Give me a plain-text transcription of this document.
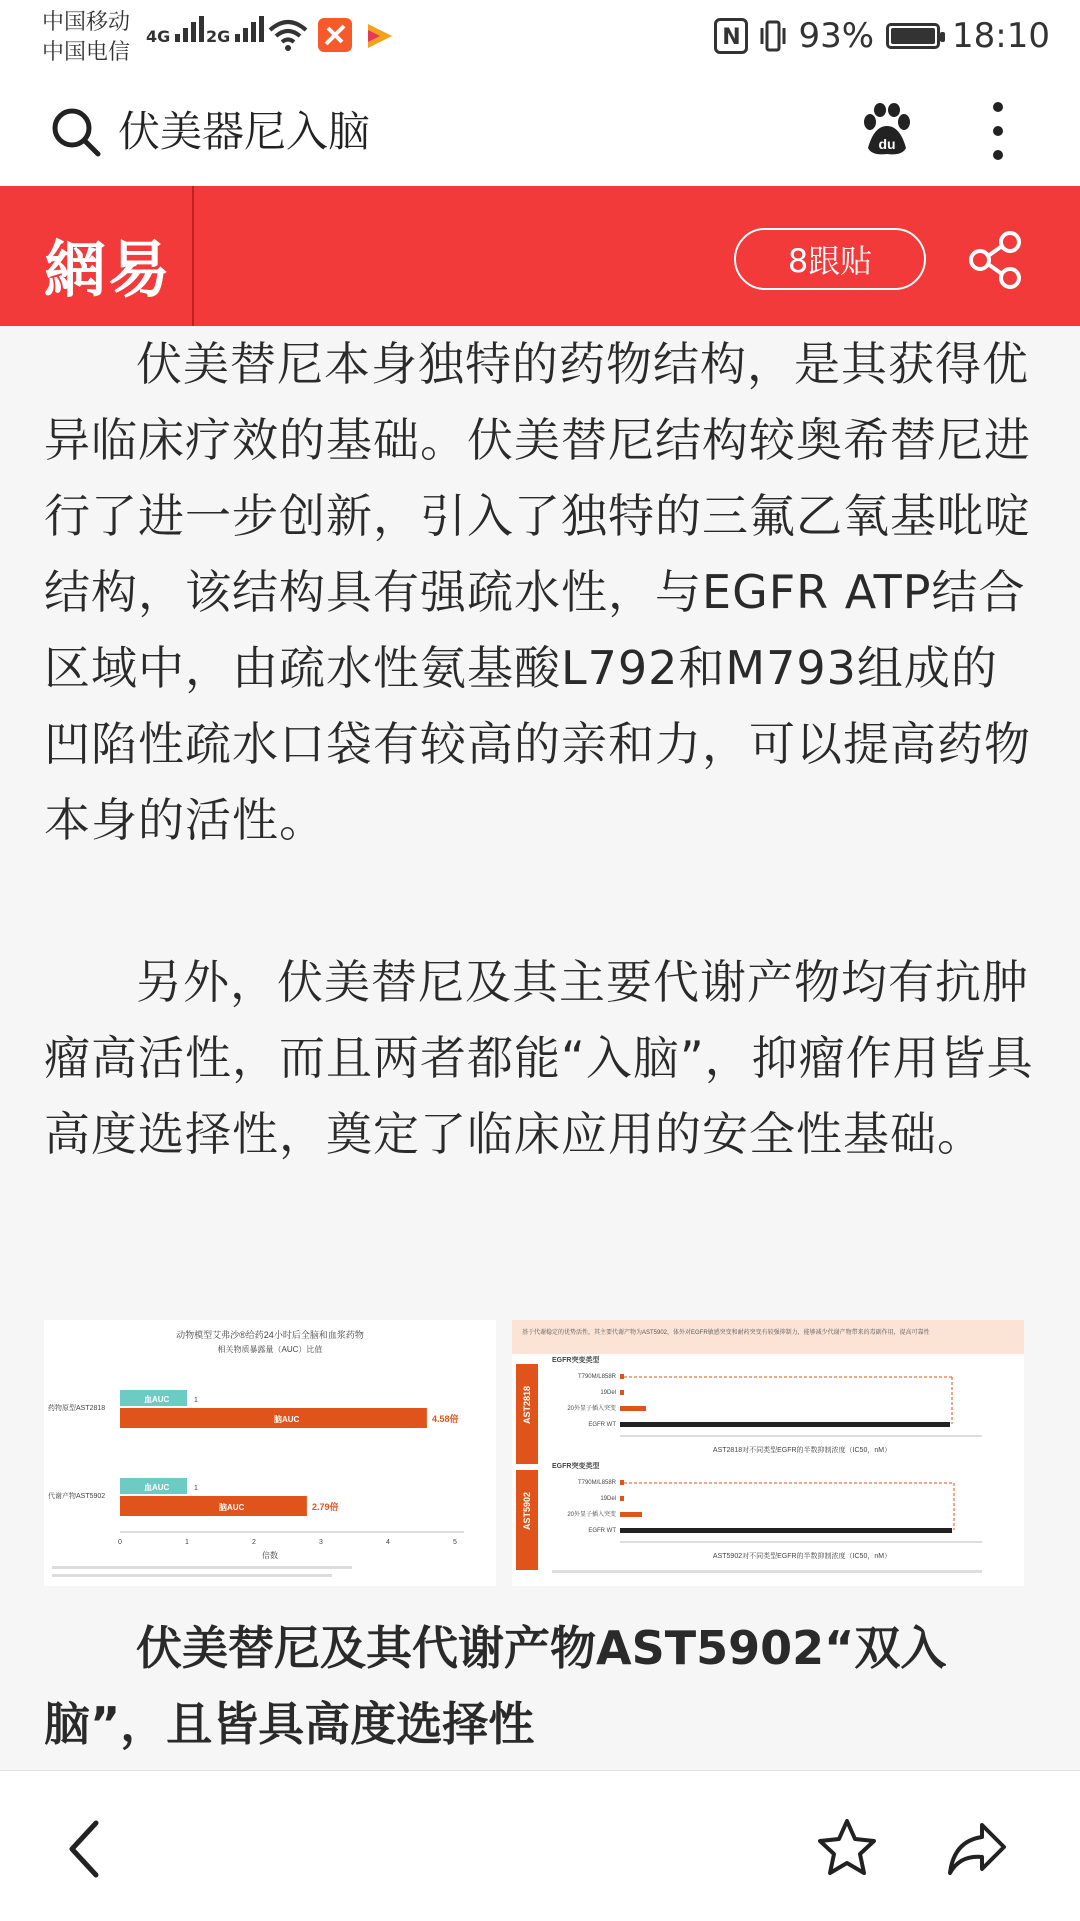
中国移动
中国电信
4G	2G	N 93% 18:10
伏美器尼入脑	du
網易	8跟贴

伏美替尼本身独特的药物结构，是其获得优异临床疗效的基础。伏美替尼结构较奥希替尼进行了进一步创新，引入了独特的三氟乙氧基吡啶结构，该结构具有强疏水性，与EGFR ATP结合区域中，由疏水性氨基酸L792和M793组成的凹陷性疏水口袋有较高的亲和力，可以提高药物本身的活性。

另外，伏美替尼及其主要代谢产物均有抗肿瘤高活性，而且两者都能“入脑”，抑瘤作用皆具高度选择性，奠定了临床应用的安全性基础。

动物模型艾弗沙®给药24小时后全脑和血浆药物
相关物质暴露量（AUC）比值
药物原型AST2818
代谢产物AST5902
血AUC	1
脑AUC	4.58倍
血AUC	1
脑AUC	2.79倍
0	1	2	3	4	5
倍数
基于代谢稳定的优势活性，其主要代谢产物为AST5902，体外对EGFR敏感突变和耐药突变有较强抑制力，能够减少代谢产物带来的毒副作用，提高可靠性
AST2818
EGFR突变类型
T790M/L858R
19Del
20外显子插入突变
EGFR WT
AST2818对不同类型EGFR的半数抑制浓度（IC50，nM）
AST5902
EGFR突变类型
T790M/L858R
19Del
20外显子插入突变
EGFR WT
AST5902对不同类型EGFR的半数抑制浓度（IC50，nM）

伏美替尼及其代谢产物AST5902“双入脑”，且皆具高度选择性
